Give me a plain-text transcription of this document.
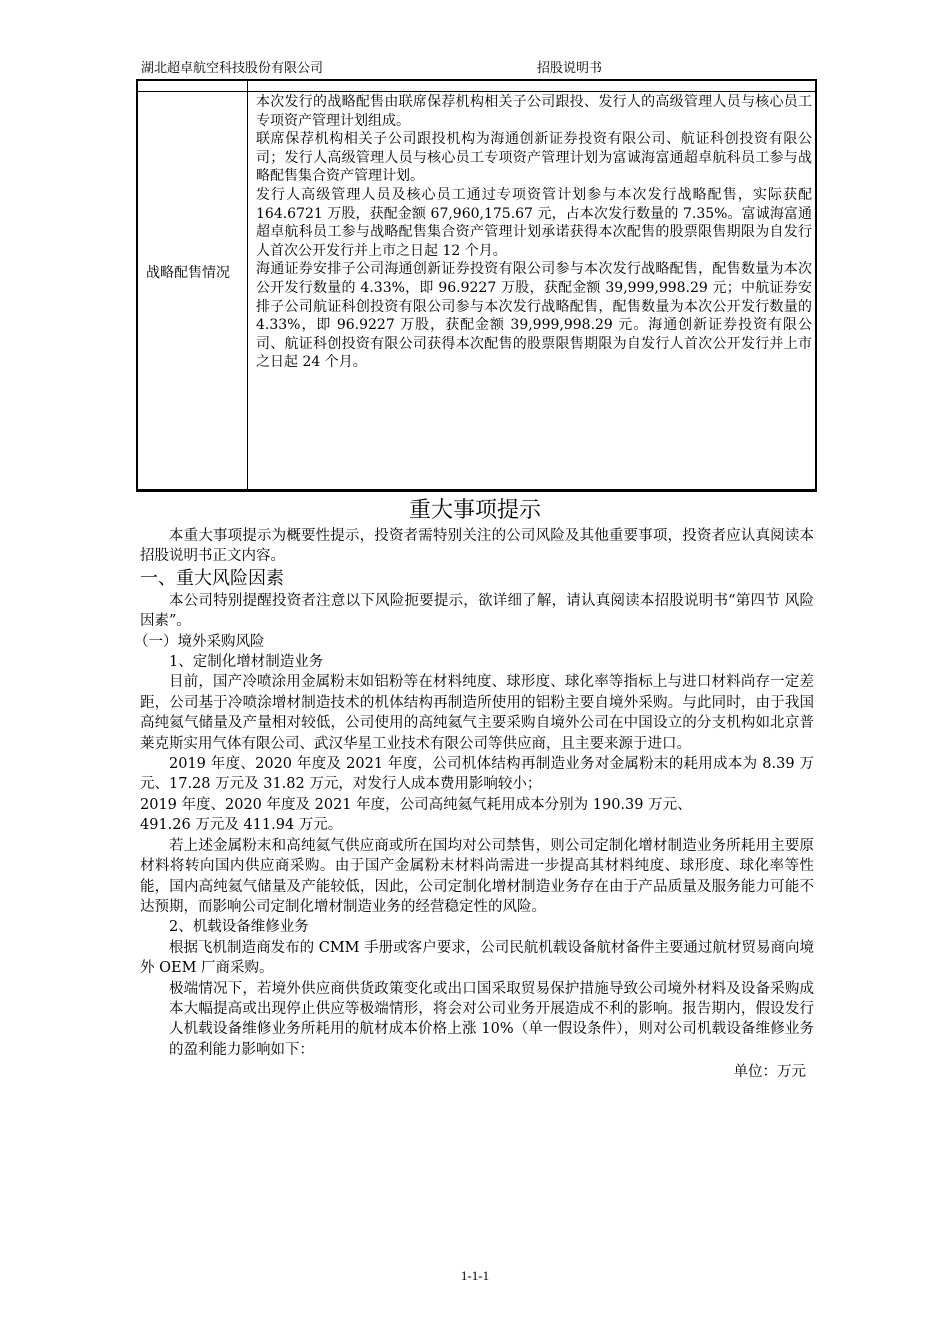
湖北超卓航空科技股份有限公司	招股说明书
战略配售情况

本次发行的战略配售由联席保荐机构相关子公司跟投、发行人的高级管理人员与核心员工专项资产管理计划组成。

联席保荐机构相关子公司跟投机构为海通创新证券投资有限公司、航证科创投资有限公司；发行人高级管理人员与核心员工专项资产管理计划为富诚海富通超卓航科员工参与战略配售集合资产管理计划。

发行人高级管理人员及核心员工通过专项资管计划参与本次发行战略配售，实际获配 164.6721 万股，获配金额 67,960,175.67 元，占本次发行数量的 7.35%。富诚海富通超卓航科员工参与战略配售集合资产管理计划承诺获得本次配售的股票限售期限为自发行人首次公开发行并上市之日起 12 个月。

海通证券安排子公司海通创新证券投资有限公司参与本次发行战略配售，配售数量为本次公开发行数量的 4.33%，即 96.9227 万股，获配金额 39,999,998.29 元；中航证券安排子公司航证科创投资有限公司参与本次发行战略配售，配售数量为本次公开发行数量的 4.33%，即 96.9227 万股，获配金额 39,999,998.29 元。海通创新证券投资有限公司、航证科创投资有限公司获得本次配售的股票限售期限为自发行人首次公开发行并上市之日起 24 个月。

重大事项提示

本重大事项提示为概要性提示，投资者需特别关注的公司风险及其他重要事项，投资者应认真阅读本招股说明书正文内容。

一、重大风险因素

本公司特别提醒投资者注意以下风险扼要提示，欲详细了解，请认真阅读本招股说明书“第四节 风险因素”。

（一）境外采购风险

1、定制化增材制造业务

目前，国产冷喷涂用金属粉末如铝粉等在材料纯度、球形度、球化率等指标上与进口材料尚存一定差距，公司基于冷喷涂增材制造技术的机体结构再制造所使用的铝粉主要自境外采购。与此同时，由于我国高纯氦气储量及产量相对较低，公司使用的高纯氦气主要采购自境外公司在中国设立的分支机构如北京普莱克斯实用气体有限公司、武汉华星工业技术有限公司等供应商，且主要来源于进口。

2019 年度、2020 年度及 2021 年度，公司机体结构再制造业务对金属粉末的耗用成本为 8.39 万元、17.28 万元及 31.82 万元，对发行人成本费用影响较小；

2019 年度、2020 年度及 2021 年度，公司高纯氦气耗用成本分别为 190.39 万元、

491.26 万元及 411.94 万元。

若上述金属粉末和高纯氦气供应商或所在国均对公司禁售，则公司定制化增材制造业务所耗用主要原材料将转向国内供应商采购。由于国产金属粉末材料尚需进一步提高其材料纯度、球形度、球化率等性能，国内高纯氦气储量及产能较低，因此，公司定制化增材制造业务存在由于产品质量及服务能力可能不达预期，而影响公司定制化增材制造业务的经营稳定性的风险。

2、机载设备维修业务

根据飞机制造商发布的 CMM 手册或客户要求，公司民航机载设备航材备件主要通过航材贸易商向境外 OEM 厂商采购。

极端情况下，若境外供应商供货政策变化或出口国采取贸易保护措施导致公司境外材料及设备采购成本大幅提高或出现停止供应等极端情形，将会对公司业务开展造成不利的影响。报告期内，假设发行人机载设备维修业务所耗用的航材成本价格上涨 10%（单一假设条件），则对公司机载设备维修业务的盈利能力影响如下：

单位：万元

1-1-1
